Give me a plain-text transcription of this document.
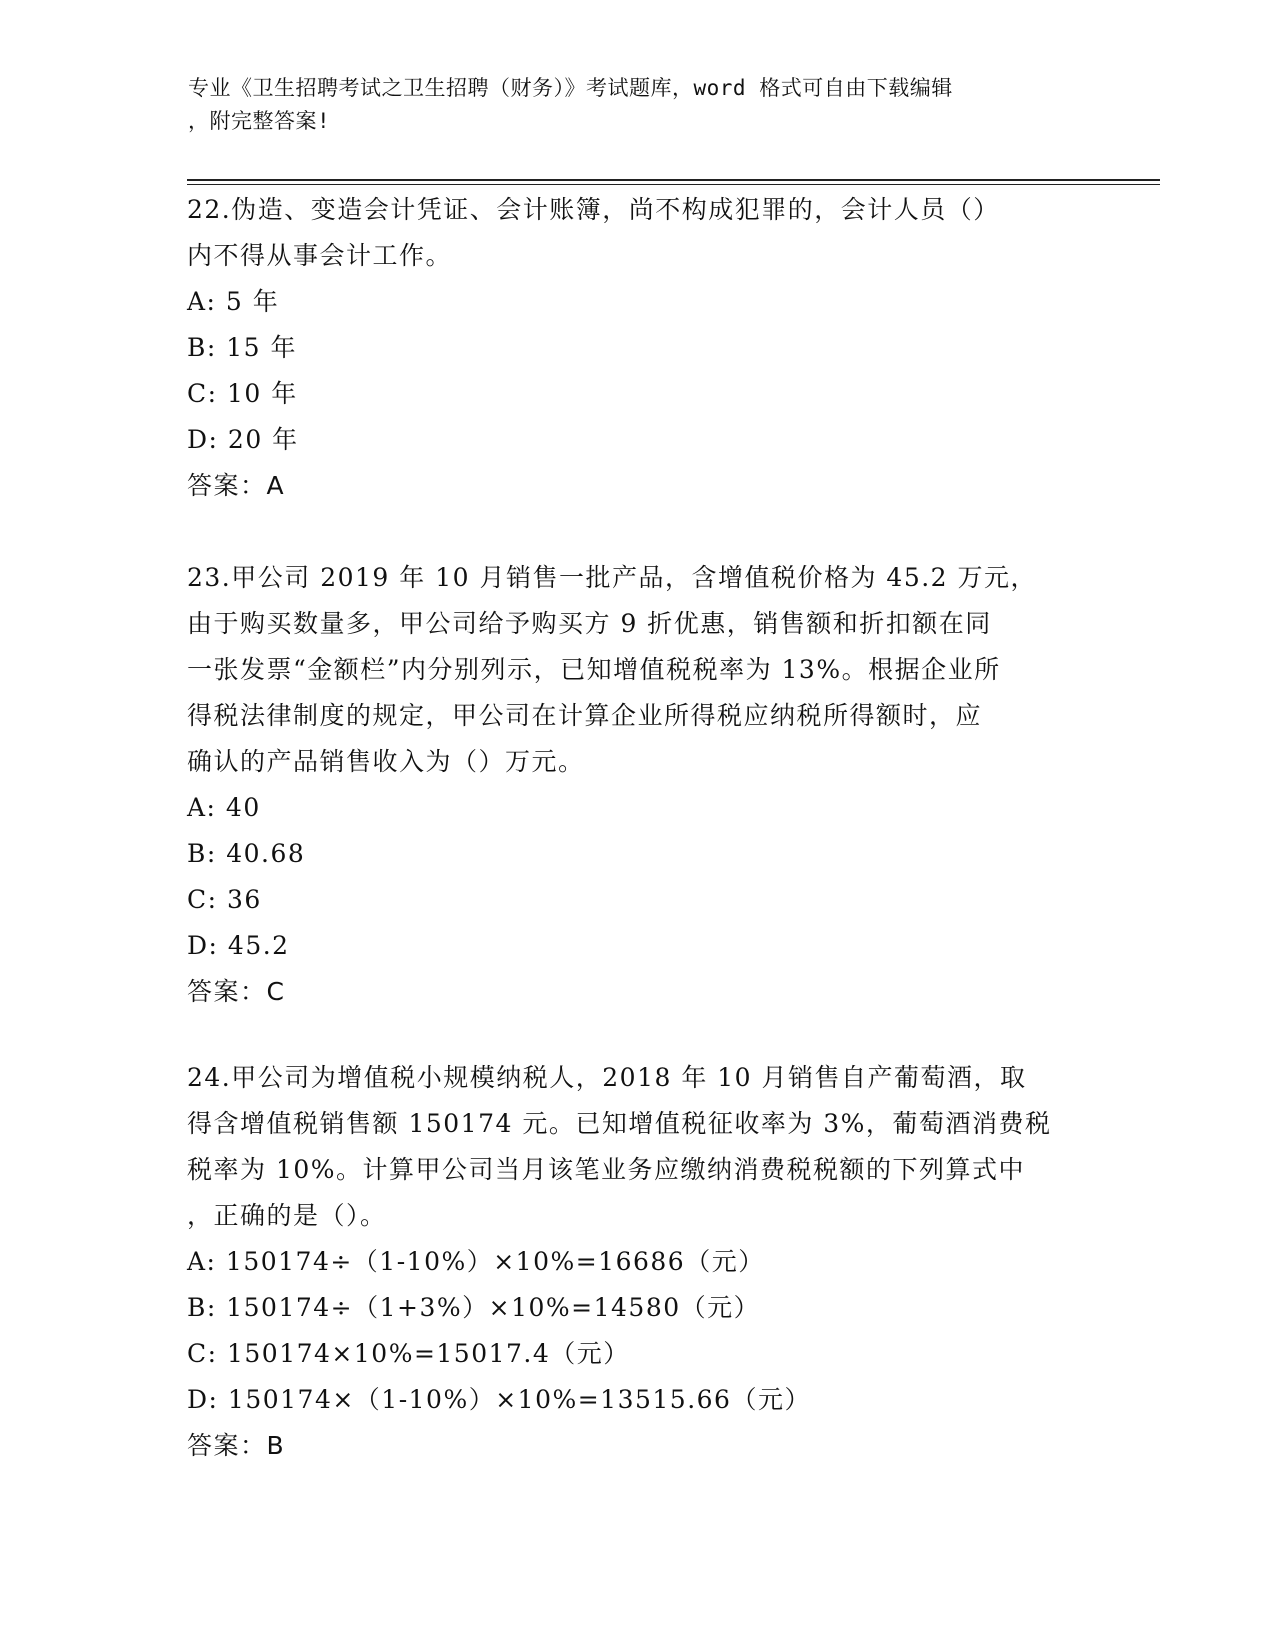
专业《卫生招聘考试之卫生招聘（财务）》考试题库，word 格式可自由下载编辑
，附完整答案!
22.伪造、变造会计凭证、会计账簿，尚不构成犯罪的，会计人员（）
内不得从事会计工作。
A: 5 年
B: 15 年
C: 10 年
D: 20 年
答案：A
23.甲公司 2019 年 10 月销售一批产品，含增值税价格为 45.2 万元，
由于购买数量多，甲公司给予购买方 9 折优惠，销售额和折扣额在同
一张发票“金额栏”内分别列示，已知增值税税率为 13%。根据企业所
得税法律制度的规定，甲公司在计算企业所得税应纳税所得额时，应
确认的产品销售收入为（）万元。
A: 40
B: 40.68
C: 36
D: 45.2
答案：C
24.甲公司为增值税小规模纳税人，2018 年 10 月销售自产葡萄酒，取
得含增值税销售额 150174 元。已知增值税征收率为 3%，葡萄酒消费税
税率为 10%。计算甲公司当月该笔业务应缴纳消费税税额的下列算式中
，正确的是（）。
A: 150174÷（1-10%）×10%=16686（元）
B: 150174÷（1+3%）×10%=14580（元）
C: 150174×10%=15017.4（元）
D: 150174×（1-10%）×10%=13515.66（元）
答案：B
